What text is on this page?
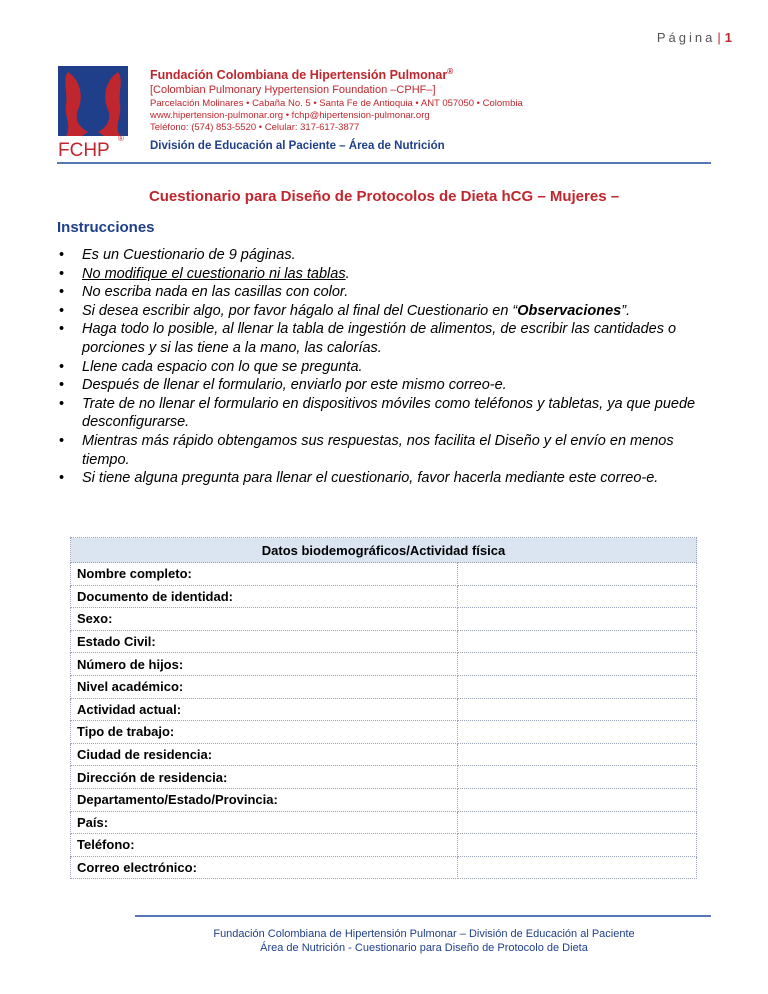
Página | 1
FCHP
®
Fundación Colombiana de Hipertensión Pulmonar®
[Colombian Pulmonary Hypertension Foundation –CPHF–]
Parcelación Molinares • Cabaña No. 5 • Santa Fe de Antioquia • ANT 057050 • Colombia
www.hipertension-pulmonar.org • fchp@hipertension-pulmonar.org
Teléfono: (574) 853-5520 • Celular: 317-617-3877
División de Educación al Paciente – Área de Nutrición
Cuestionario para Diseño de Protocolos de Dieta hCG – Mujeres –
Instrucciones
• Es un Cuestionario de 9 páginas.
• No modifique el cuestionario ni las tablas.
• No escriba nada en las casillas con color.
• Si desea escribir algo, por favor hágalo al final del Cuestionario en “Observaciones”.
• Haga todo lo posible, al llenar la tabla de ingestión de alimentos, de escribir las cantidades o porciones y si las tiene a la mano, las calorías.
• Llene cada espacio con lo que se pregunta.
• Después de llenar el formulario, enviarlo por este mismo correo-e.
• Trate de no llenar el formulario en dispositivos móviles como teléfonos y tabletas, ya que puede desconfigurarse.
• Mientras más rápido obtengamos sus respuestas, nos facilita el Diseño y el envío en menos tiempo.
• Si tiene alguna pregunta para llenar el cuestionario, favor hacerla mediante este correo-e.
Datos biodemográficos/Actividad física	
Nombre completo:	
Documento de identidad:	
Sexo:	
Estado Civil:	
Número de hijos:	
Nivel académico:	
Actividad actual:	
Tipo de trabajo:	
Ciudad de residencia:	
Dirección de residencia:	
Departamento/Estado/Provincia:	
País:	
Teléfono:	
Correo electrónico:	
Fundación Colombiana de Hipertensión Pulmonar – División de Educación al Paciente
Área de Nutrición - Cuestionario para Diseño de Protocolo de Dieta
